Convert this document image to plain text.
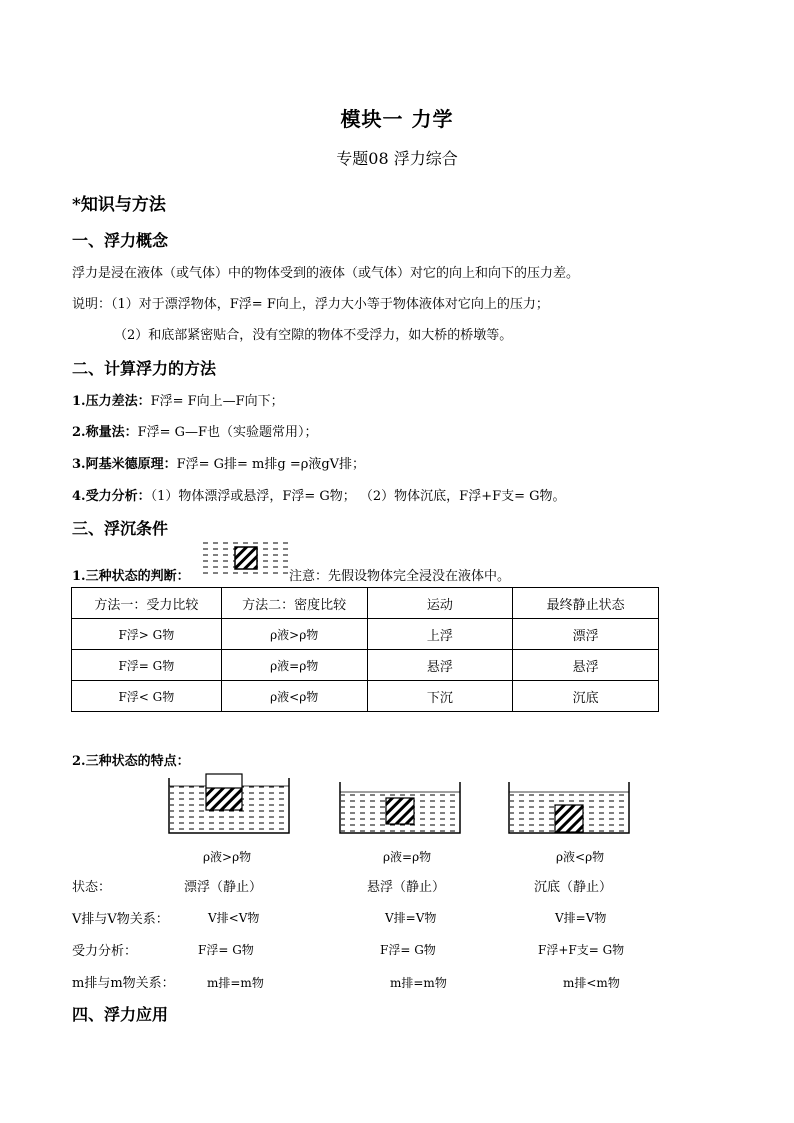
模块一 力学
专题08 浮力综合
*知识与方法
一、浮力概念
浮力是浸在液体（或气体）中的物体受到的液体（或气体）对它的向上和向下的压力差。
说明：（1）对于漂浮物体，F浮= F向上，浮力大小等于物体液体对它向上的压力；
（2）和底部紧密贴合，没有空隙的物体不受浮力，如大桥的桥墩等。
二、计算浮力的方法
1.压力差法：F浮= F向上—F向下；
2.称量法：F浮= G—F也（实验题常用）；
3.阿基米德原理：F浮= G排= m排g =ρ液gV排；
4.受力分析：（1）物体漂浮或悬浮，F浮= G物； （2）物体沉底，F浮+F支= G物。
三、浮沉条件
1.三种状态的判断：	注意：先假设物体完全浸没在液体中。
方法一：受力比较	方法二：密度比较	运动	最终静止状态
F浮> G物	ρ液>ρ物	上浮	漂浮
F浮= G物	ρ液=ρ物	悬浮	悬浮
F浮< G物	ρ液<ρ物	下沉	沉底
2.三种状态的特点：
ρ液>ρ物	ρ液=ρ物	ρ液<ρ物
状态：	漂浮（静止）	悬浮（静止）	沉底（静止）
V排与V物关系：	V排<V物	V排=V物	V排=V物
受力分析：	F浮= G物	F浮= G物	F浮+F支= G物
m排与m物关系：	m排=m物	m排=m物	m排<m物
四、浮力应用
